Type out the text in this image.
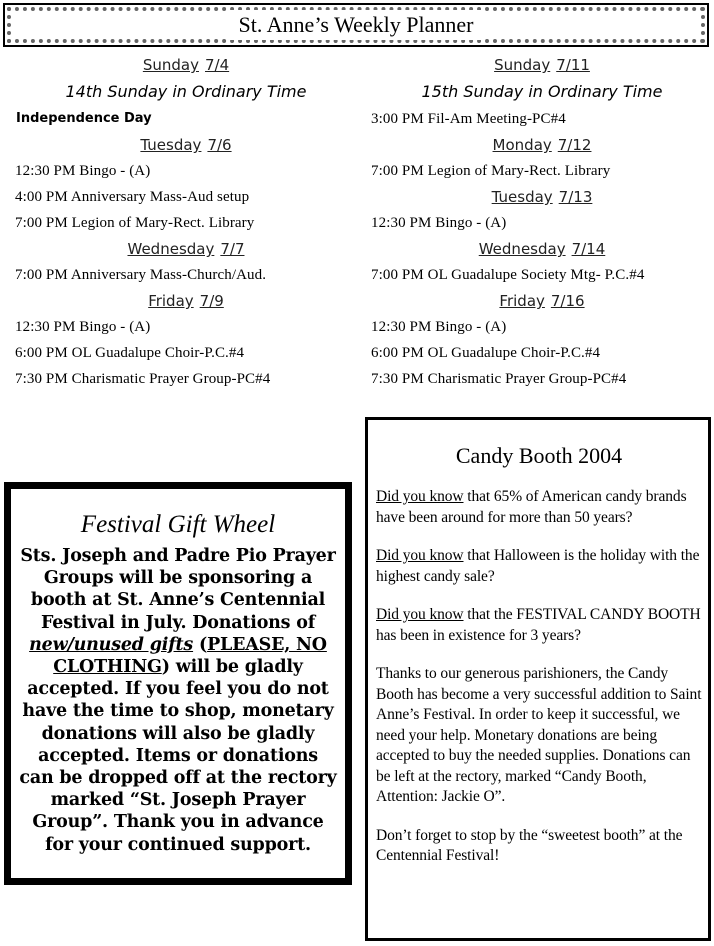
St. Anne’s Weekly Planner
Sunday 7/4
14th Sunday in Ordinary Time
Independence Day
Tuesday 7/6
12:30 PM Bingo - (A)
4:00 PM Anniversary Mass-Aud setup
7:00 PM Legion of Mary-Rect. Library
Wednesday 7/7
7:00 PM Anniversary Mass-Church/Aud.
Friday 7/9
12:30 PM Bingo - (A)
6:00 PM OL Guadalupe Choir-P.C.#4
7:30 PM Charismatic Prayer Group-PC#4
Sunday 7/11
15th Sunday in Ordinary Time
3:00 PM Fil-Am Meeting-PC#4
Monday 7/12
7:00 PM Legion of Mary-Rect. Library
Tuesday 7/13
12:30 PM Bingo - (A)
Wednesday 7/14
7:00 PM OL Guadalupe Society Mtg- P.C.#4
Friday 7/16
12:30 PM Bingo - (A)
6:00 PM OL Guadalupe Choir-P.C.#4
7:30 PM Charismatic Prayer Group-PC#4
Festival Gift Wheel
Sts. Joseph and Padre Pio Prayer Groups will be sponsoring a booth at St. Anne’s Centennial Festival in July. Donations of new/unused gifts (PLEASE, NO CLOTHING) will be gladly accepted. If you feel you do not have the time to shop, monetary donations will also be gladly accepted. Items or donations can be dropped off at the rectory marked “St. Joseph Prayer Group”. Thank you in advance for your continued support.
Candy Booth 2004

Did you know that 65% of American candy brands have been around for more than 50 years?

Did you know that Halloween is the holiday with the highest candy sale?

Did you know that the FESTIVAL CANDY BOOTH has been in existence for 3 years?

Thanks to our generous parishioners, the Candy Booth has become a very successful addition to Saint Anne’s Festival. In order to keep it successful, we need your help. Monetary donations are being accepted to buy the needed supplies. Donations can be left at the rectory, marked “Candy Booth, Attention: Jackie O”.

Don’t forget to stop by the “sweetest booth” at the Centennial Festival!
